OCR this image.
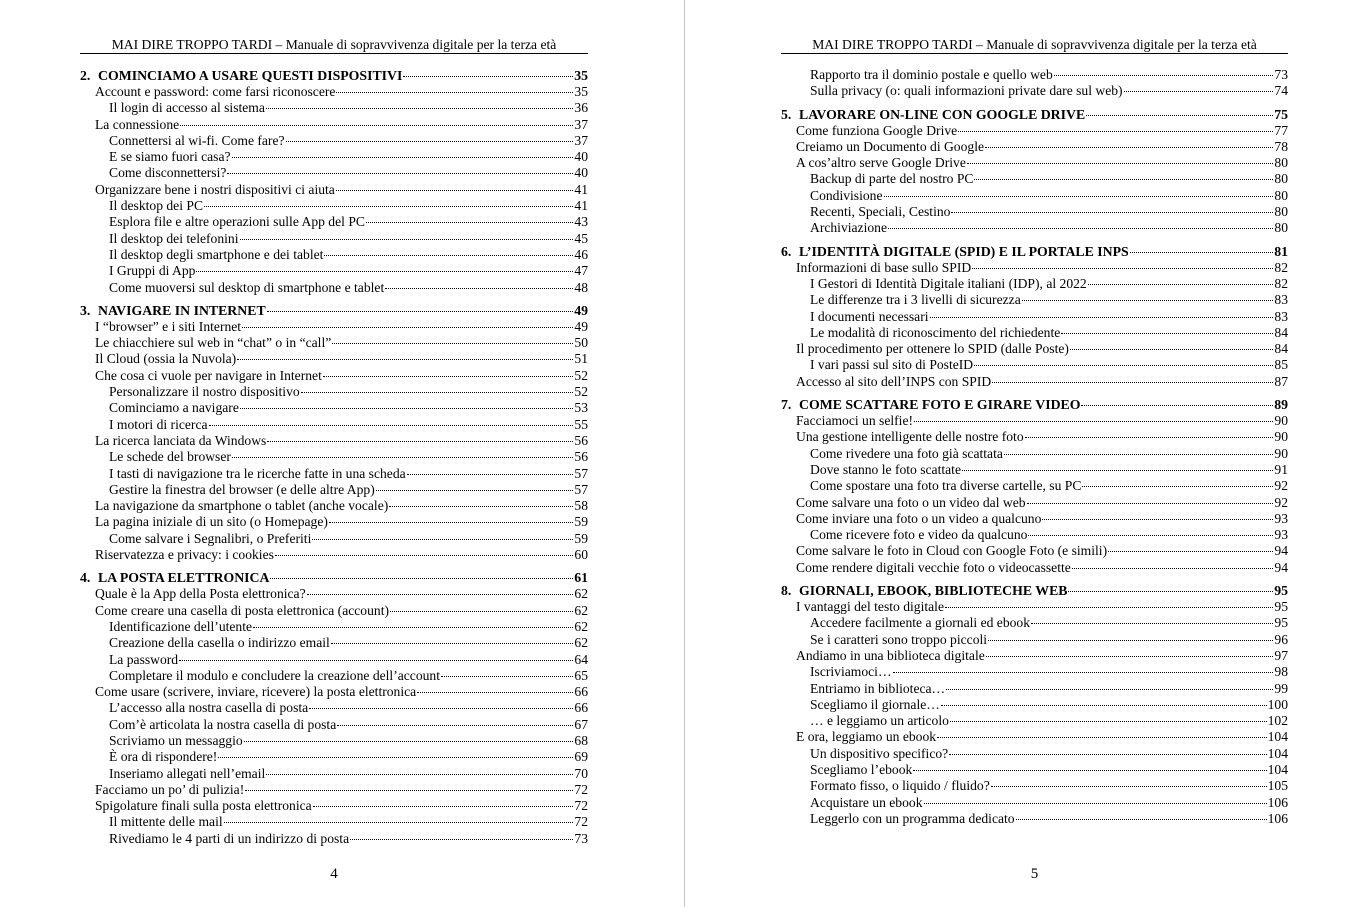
MAI DIRE TROPPO TARDI – Manuale di sopravvivenza digitale per la terza età
2. COMINCIAMO A USARE QUESTI DISPOSITIVI	35
Account e password: come farsi riconoscere	35
Il login di accesso al sistema	36
La connessione	37
Connettersi al wi-fi. Come fare?	37
E se siamo fuori casa?	40
Come disconnettersi?	40
Organizzare bene i nostri dispositivi ci aiuta	41
Il desktop dei PC	41
Esplora file e altre operazioni sulle App del PC	43
Il desktop dei telefonini	45
Il desktop degli smartphone e dei tablet	46
I Gruppi di App	47
Come muoversi sul desktop di smartphone e tablet	48
3. NAVIGARE IN INTERNET	49
I “browser” e i siti Internet	49
Le chiacchiere sul web in “chat” o in “call”	50
Il Cloud (ossia la Nuvola)	51
Che cosa ci vuole per navigare in Internet	52
Personalizzare il nostro dispositivo	52
Cominciamo a navigare	53
I motori di ricerca	55
La ricerca lanciata da Windows	56
Le schede del browser	56
I tasti di navigazione tra le ricerche fatte in una scheda	57
Gestire la finestra del browser (e delle altre App)	57
La navigazione da smartphone o tablet (anche vocale)	58
La pagina iniziale di un sito (o Homepage)	59
Come salvare i Segnalibri, o Preferiti	59
Riservatezza e privacy: i cookies	60
4. LA POSTA ELETTRONICA	61
Quale è la App della Posta elettronica?	62
Come creare una casella di posta elettronica (account)	62
Identificazione dell’utente	62
Creazione della casella o indirizzo email	62
La password	64
Completare il modulo e concludere la creazione dell’account	65
Come usare (scrivere, inviare, ricevere) la posta elettronica	66
L’accesso alla nostra casella di posta	66
Com’è articolata la nostra casella di posta	67
Scriviamo un messaggio	68
È ora di rispondere!	69
Inseriamo allegati nell’email	70
Facciamo un po’ di pulizia!	72
Spigolature finali sulla posta elettronica	72
Il mittente delle mail	72
Rivediamo le 4 parti di un indirizzo di posta	73
4
MAI DIRE TROPPO TARDI – Manuale di sopravvivenza digitale per la terza età
Rapporto tra il dominio postale e quello web	73
Sulla privacy (o: quali informazioni private dare sul web)	74
5. LAVORARE ON-LINE CON GOOGLE DRIVE	75
Come funziona Google Drive	77
Creiamo un Documento di Google	78
A cos’altro serve Google Drive	80
Backup di parte del nostro PC	80
Condivisione	80
Recenti, Speciali, Cestino	80
Archiviazione	80
6. L’IDENTITÀ DIGITALE (SPID) E IL PORTALE INPS	81
Informazioni di base sullo SPID	82
I Gestori di Identità Digitale italiani (IDP), al 2022	82
Le differenze tra i 3 livelli di sicurezza	83
I documenti necessari	83
Le modalità di riconoscimento del richiedente	84
Il procedimento per ottenere lo SPID (dalle Poste)	84
I vari passi sul sito di PosteID	85
Accesso al sito dell’INPS con SPID	87
7. COME SCATTARE FOTO E GIRARE VIDEO	89
Facciamoci un selfie!	90
Una gestione intelligente delle nostre foto	90
Come rivedere una foto già scattata	90
Dove stanno le foto scattate	91
Come spostare una foto tra diverse cartelle, su PC	92
Come salvare una foto o un video dal web	92
Come inviare una foto o un video a qualcuno	93
Come ricevere foto e video da qualcuno	93
Come salvare le foto in Cloud con Google Foto (e simili)	94
Come rendere digitali vecchie foto o videocassette	94
8. GIORNALI, EBOOK, BIBLIOTECHE WEB	95
I vantaggi del testo digitale	95
Accedere facilmente a giornali ed ebook	95
Se i caratteri sono troppo piccoli	96
Andiamo in una biblioteca digitale	97
Iscriviamoci…	98
Entriamo in biblioteca…	99
Scegliamo il giornale…	100
… e leggiamo un articolo	102
E ora, leggiamo un ebook	104
Un dispositivo specifico?	104
Scegliamo l’ebook	104
Formato fisso, o liquido / fluido?	105
Acquistare un ebook	106
Leggerlo con un programma dedicato	106
5
